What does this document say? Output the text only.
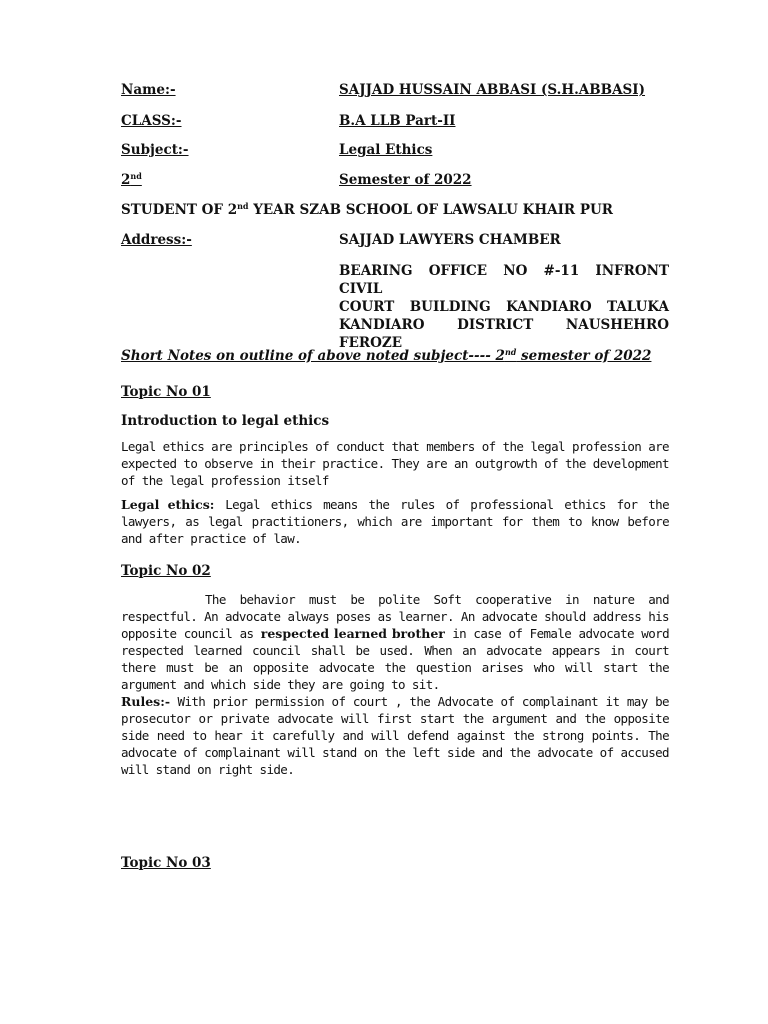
Name:-	SAJJAD HUSSAIN ABBASI (S.H.ABBASI)
CLASS:-	B.A LLB Part-II
Subject:-	Legal Ethics
2nd	Semester of 2022
STUDENT OF 2nd YEAR SZAB SCHOOL OF LAWSALU KHAIR PUR
Address:-	SAJJAD LAWYERS CHAMBER
BEARING OFFICE NO #-11 INFRONT CIVIL
COURT BUILDING KANDIARO TALUKA
KANDIARO DISTRICT NAUSHEHRO
FEROZE
Short Notes on outline of above noted subject---- 2nd semester of 2022
Topic No 01
Introduction to legal ethics
Legal ethics are principles of conduct that members of the legal profession are expected to observe in their practice. They are an outgrowth of the development of the legal profession itself
Legal ethics: Legal ethics means the rules of professional ethics for the lawyers, as legal practitioners, which are important for them to know before and after practice of law.
Topic No 02
The behavior must be polite Soft cooperative in nature and respectful. An advocate always poses as learner. An advocate should address his opposite council as respected learned brother in case of Female advocate word respected learned council shall be used. When an advocate appears in court there must be an opposite advocate the question arises who will start the argument and which side they are going to sit.
Rules:- With prior permission of court , the Advocate of complainant it may be prosecutor or private advocate will first start the argument and the opposite side need to hear it carefully and will defend against the strong points. The advocate of complainant will stand on the left side and the advocate of accused will stand on right side.
Topic No 03
